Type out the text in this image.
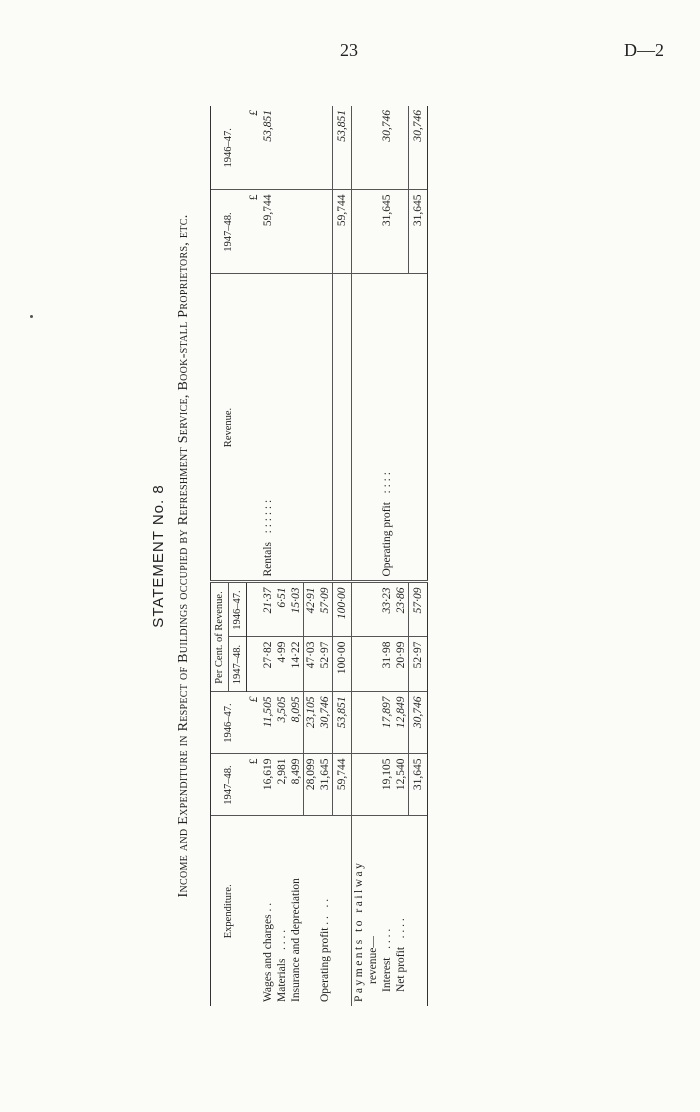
23	D—2
STATEMENT No. 8 Income and Expenditure in Respect of Buildings occupied by Refreshment Service, Book-stall Proprietors, etc.
Expenditure.	1947–48.	1946–47.	Per Cent. of Revenue.		Revenue.	1947–48.	1946–47.
			1947–48.	1946–47.			
	£	£				£	£
Wages and charges . .	16,619	11,505	27·82	21·37	Rentals   : : : : : :	59,744	53,851
Materials   . . . .	2,981	3,505	4·99	6·51			
Insurance and depreciation	8,499	8,095	14·22	15·03			
	28,099	23,105	47·03	42·91			
Operating profit . .   . .	31,645	30,746	52·97	57·09			
	59,744	53,851	100·00	100·00		59,744	53,851
Payments to railway							
revenue—							
Interest   . . . .	19,105	17,897	31·98	33·23	Operating profit   : : : :	31,645	30,746
Net profit   . . . .	12,540	12,849	20·99	23·86			
	31,645	30,746	52·97	57·09		31,645	30,746
